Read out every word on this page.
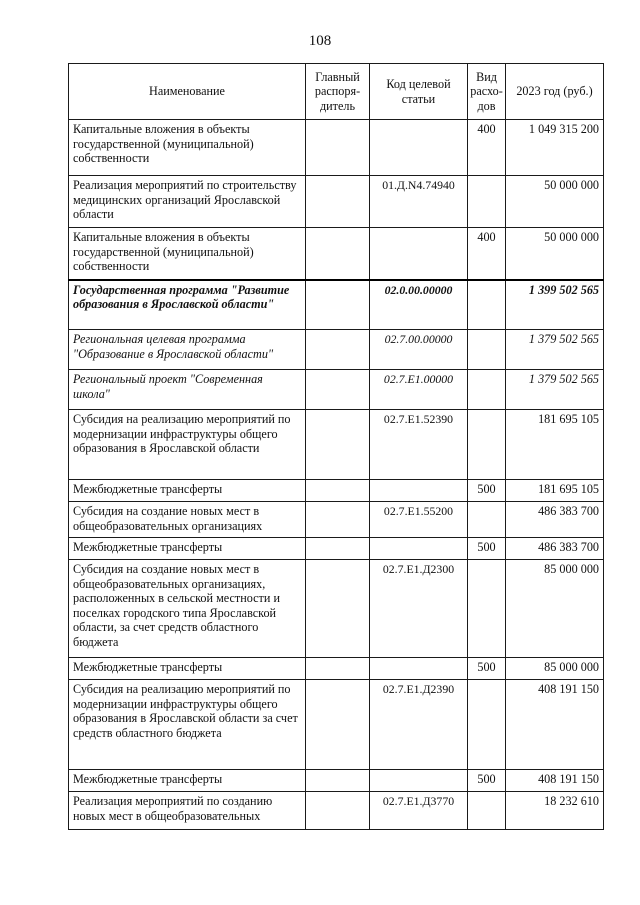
108
Наименование	Главный распоря-дитель	Код целевой статьи	Вид расхо-дов	2023 год (руб.)
Капитальные вложения в объекты государственной (муниципальной) собственности			400	1 049 315 200
Реализация мероприятий по строительству медицинских организаций Ярославской области		01.Д.N4.74940		50 000 000
Капитальные вложения в объекты государственной (муниципальной) собственности			400	50 000 000
Государственная программа "Развитие образования в Ярославской области"		02.0.00.00000		1 399 502 565
Региональная целевая программа "Образование в Ярославской области"		02.7.00.00000		1 379 502 565
Региональный проект "Современная школа"		02.7.Е1.00000		1 379 502 565
Субсидия на реализацию мероприятий по модернизации инфраструктуры общего образования в Ярославской области		02.7.Е1.52390		181 695 105
Межбюджетные трансферты			500	181 695 105
Субсидия на создание новых мест в общеобразовательных организациях		02.7.Е1.55200		486 383 700
Межбюджетные трансферты			500	486 383 700
Субсидия на создание новых мест в общеобразовательных организациях, расположенных в сельской местности и поселках городского типа Ярославской области, за счет средств областного бюджета		02.7.Е1.Д2300		85 000 000
Межбюджетные трансферты			500	85 000 000
Субсидия на реализацию мероприятий по модернизации инфраструктуры общего образования в Ярославской области за счет средств областного бюджета		02.7.Е1.Д2390		408 191 150
Межбюджетные трансферты			500	408 191 150
Реализация мероприятий по созданию новых мест в общеобразовательных		02.7.Е1.Д3770		18 232 610
